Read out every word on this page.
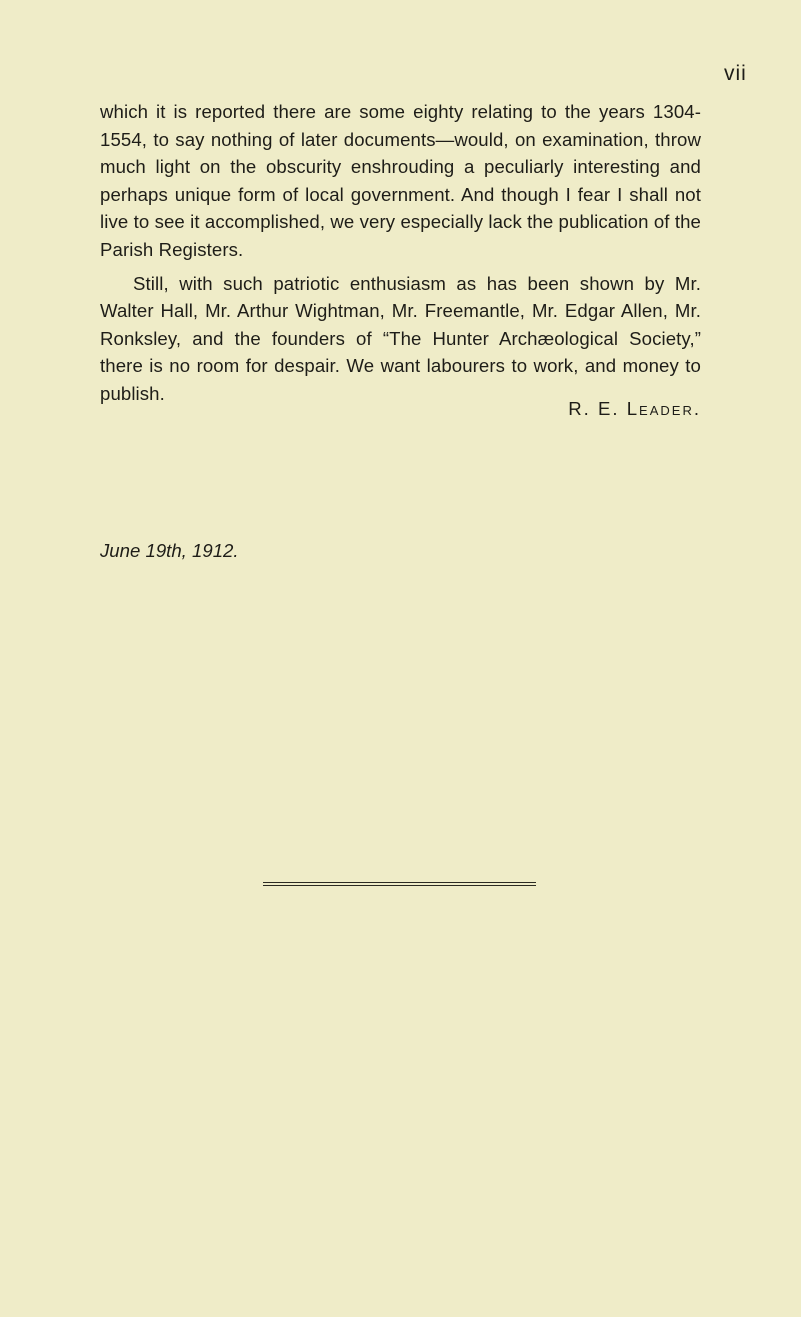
vii

which it is reported there are some eighty relating to the years 1304-1554, to say nothing of later documents—would, on examination, throw much light on the obscurity enshrouding a peculiarly interesting and perhaps unique form of local government. And though I fear I shall not live to see it accomplished, we very especially lack the publication of the Parish Registers.

Still, with such patriotic enthusiasm as has been shown by Mr. Walter Hall, Mr. Arthur Wightman, Mr. Freemantle, Mr. Edgar Allen, Mr. Ronksley, and the founders of “The Hunter Archæological Society,” there is no room for despair. We want labourers to work, and money to publish.

R. E. Leader.
June 19th, 1912.
